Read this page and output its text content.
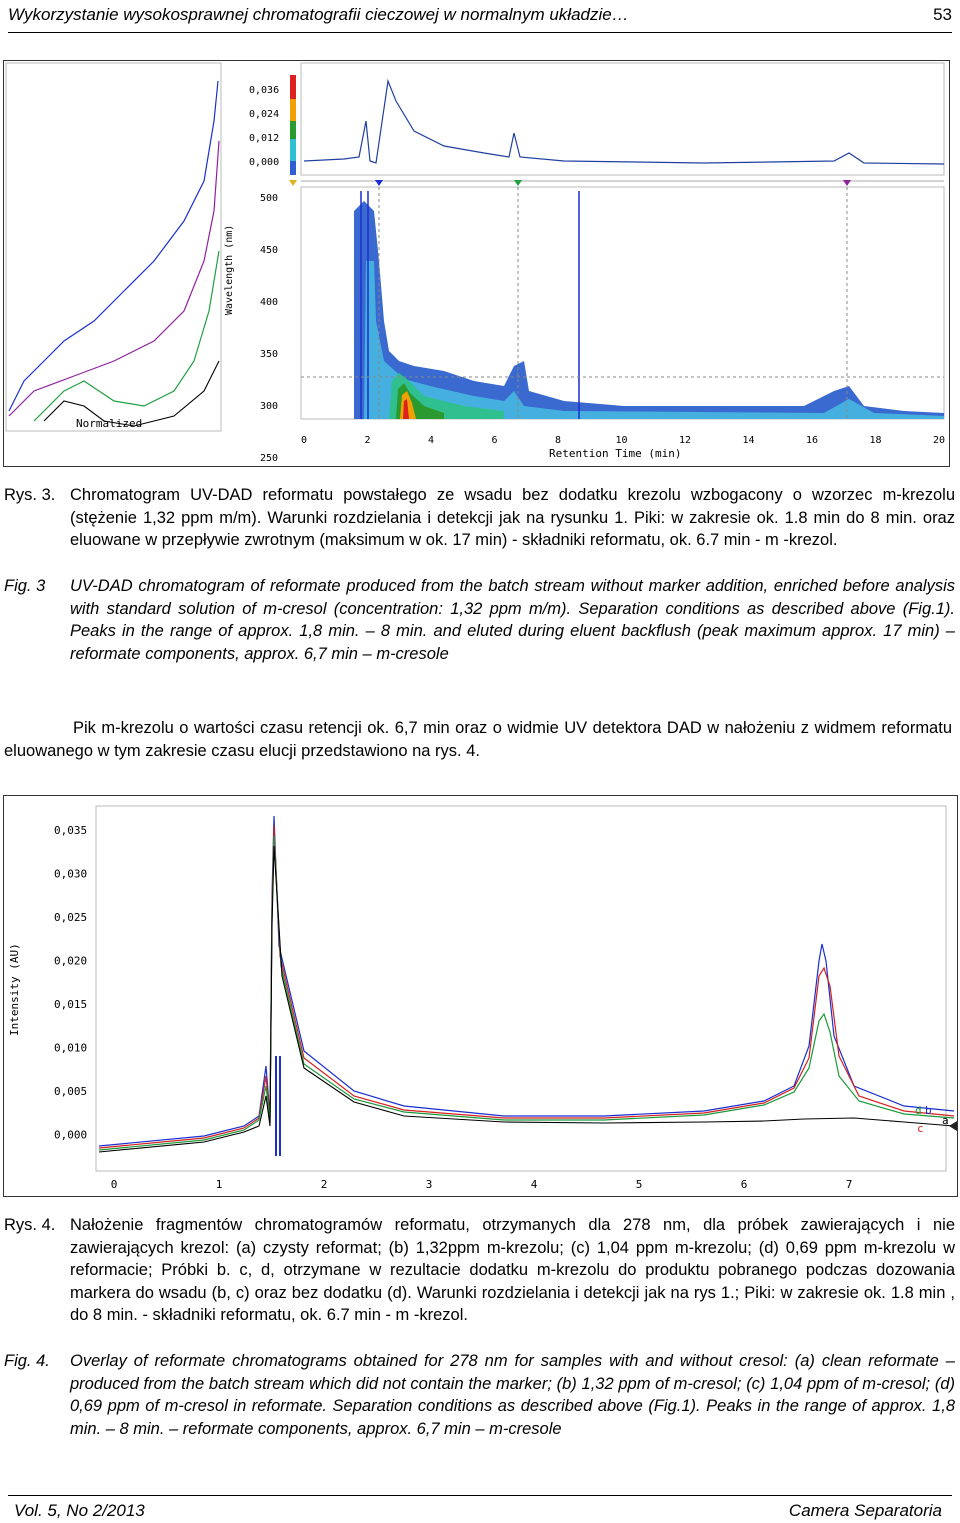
Wykorzystanie wysokosprawnej chromatografii cieczowej w normalnym układzie…	53
0,036
0,024
0,012
0,000
500
450
400
350
300
250
0	2	4	6	8	10	12	14	16	18	20
Wavelength (nm)
Normalized
Retention Time (min)
Rys. 3. Chromatogram UV-DAD reformatu powstałego ze wsadu bez dodatku krezolu wzbogacony o wzorzec m-krezolu (stężenie 1,32 ppm m/m). Warunki rozdzielania i detekcji jak na rysunku 1. Piki: w zakresie ok. 1.8 min do 8 min. oraz eluowane w przepływie zwrotnym (maksimum w ok. 17 min) - składniki reformatu, ok. 6.7 min - m -krezol.
Fig. 3 UV-DAD chromatogram of reformate produced from the batch stream without marker addition, enriched before analysis with standard solution of m-cresol (concentration: 1,32 ppm m/m). Separation conditions as described above (Fig.1). Peaks in the range of approx. 1,8 min. – 8 min. and eluted during eluent backflush (peak maximum approx. 17 min) – reformate components, approx. 6,7 min – m-cresole
Pik m-krezolu o wartości czasu retencji ok. 6,7 min oraz o widmie UV detektora DAD w nałożeniu z widmem reformatu eluowanego w tym zakresie czasu elucji przedstawiono na rys. 4.
0,035
0,030
0,025
0,020
0,015
0,010
0,005
0,000
0	1	2	3	4	5	6	7
Intensity (AU)
d b
a
c
Rys. 4. Nałożenie fragmentów chromatogramów reformatu, otrzymanych dla 278 nm, dla próbek zawierających i nie zawierających krezol: (a) czysty reformat; (b) 1,32ppm m-krezolu; (c) 1,04 ppm m-krezolu; (d) 0,69 ppm m-krezolu w reformacie; Próbki b. c, d, otrzymane w rezultacie dodatku m-krezolu do produktu pobranego podczas dozowania markera do wsadu (b, c) oraz bez dodatku (d). Warunki rozdzielania i detekcji jak na rys 1.; Piki: w zakresie ok. 1.8 min , do 8 min. - składniki reformatu, ok. 6.7 min - m -krezol.
Fig. 4. Overlay of reformate chromatograms obtained for 278 nm for samples with and without cresol: (a) clean reformate – produced from the batch stream which did not contain the marker; (b) 1,32 ppm of m-cresol; (c) 1,04 ppm of m-cresol; (d) 0,69 ppm of m-cresol in reformate. Separation conditions as described above (Fig.1). Peaks in the range of approx. 1,8 min. – 8 min. – reformate components, approx. 6,7 min – m-cresole
Vol. 5, No 2/2013	Camera Separatoria
